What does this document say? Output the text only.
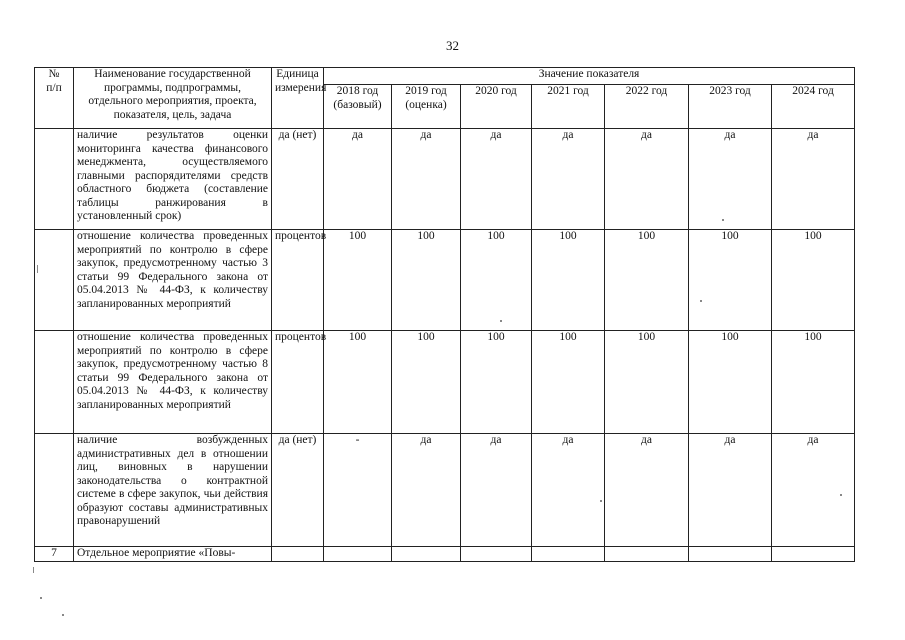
32
№
п/п	Наименование государственной программы, подпрограммы, отдельного мероприятия, проекта, показателя, цель, задача	Единица измерения	Значение показателя						
			2018 год (базовый)	2019 год (оценка)	2020 год	2021 год	2022 год	2023 год	2024 год
	наличие результатов оценки мониторинга качества финансового менеджмента, осуществляемого главными распорядителями средств областного бюджета (составление таблицы ранжирования в установленный срок)	да (нет)	да	да	да	да	да	да	да
	отношение количества проведенных мероприятий по контролю в сфере закупок, предусмотренному частью 3 статьи 99 Федерального закона от 05.04.2013 № 44-ФЗ, к количеству запланированных мероприятий	процентов	100	100	100	100	100	100	100
	отношение количества проведенных мероприятий по контролю в сфере закупок, предусмотренному частью 8 статьи 99 Федерального закона от 05.04.2013 № 44-ФЗ, к количеству запланированных мероприятий	процентов	100	100	100	100	100	100	100
	наличие возбужденных административных дел в отношении лиц, виновных в нарушении законодательства о контрактной системе в сфере закупок, чьи действия образуют составы административных правонарушений	да (нет)	-	да	да	да	да	да	да
7	Отдельное мероприятие «Повы-								
